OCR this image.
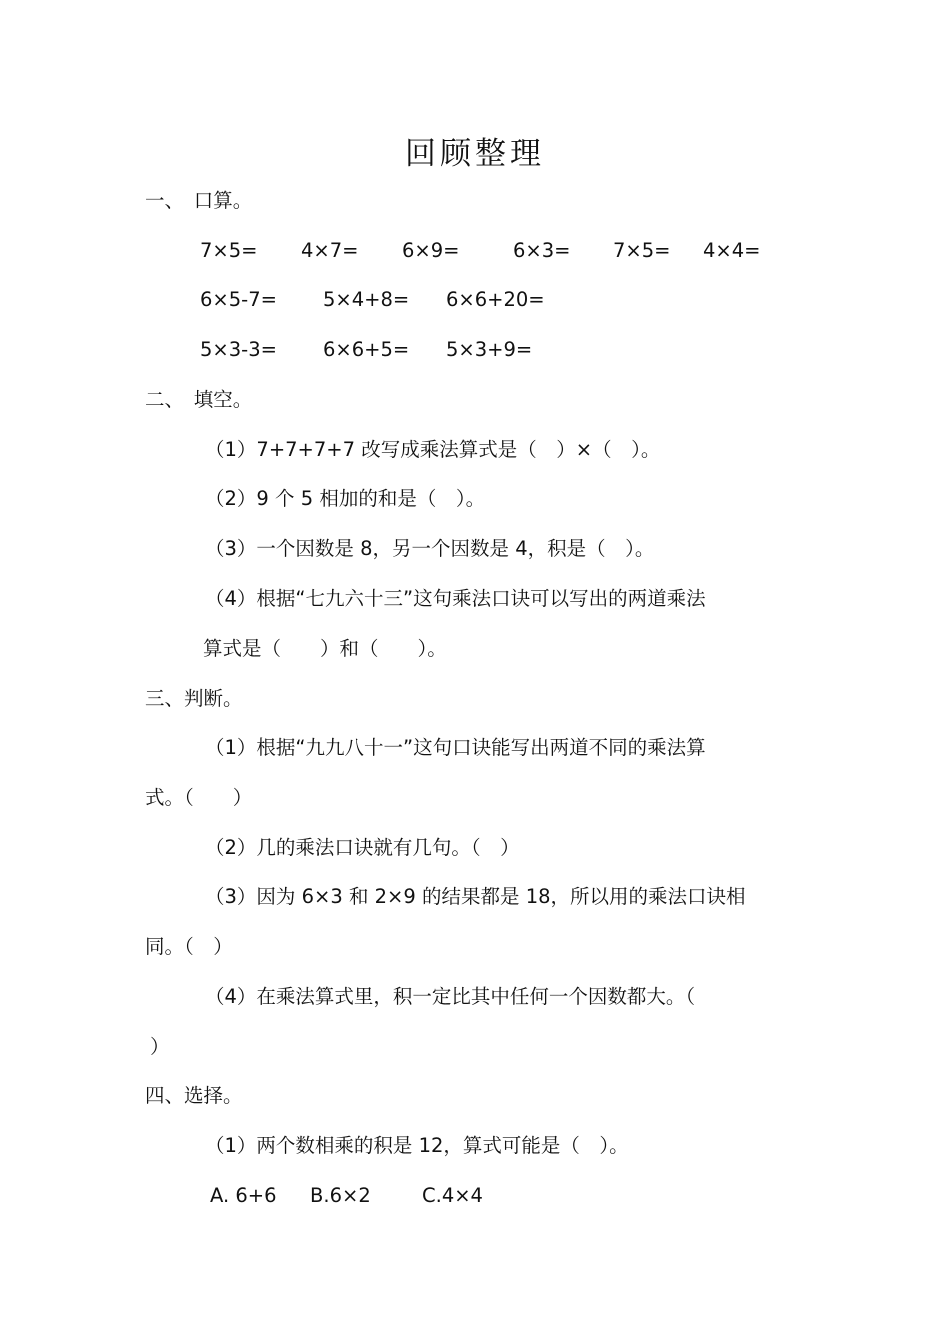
回顾整理
一、　口算。
7×5= 4×7= 6×9=	6×3= 7×5= 4×4=
6×5-7= 5×4+8= 6×6+20=
5×3-3= 6×6+5= 5×3+9=
二、　填空。
（1）7+7+7+7 改写成乘法算式是（　）×（　）。
（2）9 个 5 相加的和是（　）。
（3）一个因数是 8，另一个因数是 4，积是（　）。
（4）根据“七九六十三”这句乘法口诀可以写出的两道乘法
算式是（　　）和（　　）。
三、判断。
（1）根据“九九八十一”这句口诀能写出两道不同的乘法算
式。（　　）
（2）几的乘法口诀就有几句。（　）
（3）因为 6×3 和 2×9 的结果都是 18，所以用的乘法口诀相
同。（　）
（4）在乘法算式里，积一定比其中任何一个因数都大。（
）
四、选择。
（1）两个数相乘的积是 12，算式可能是（　）。
A. 6+6 B.6×2	C.4×4
